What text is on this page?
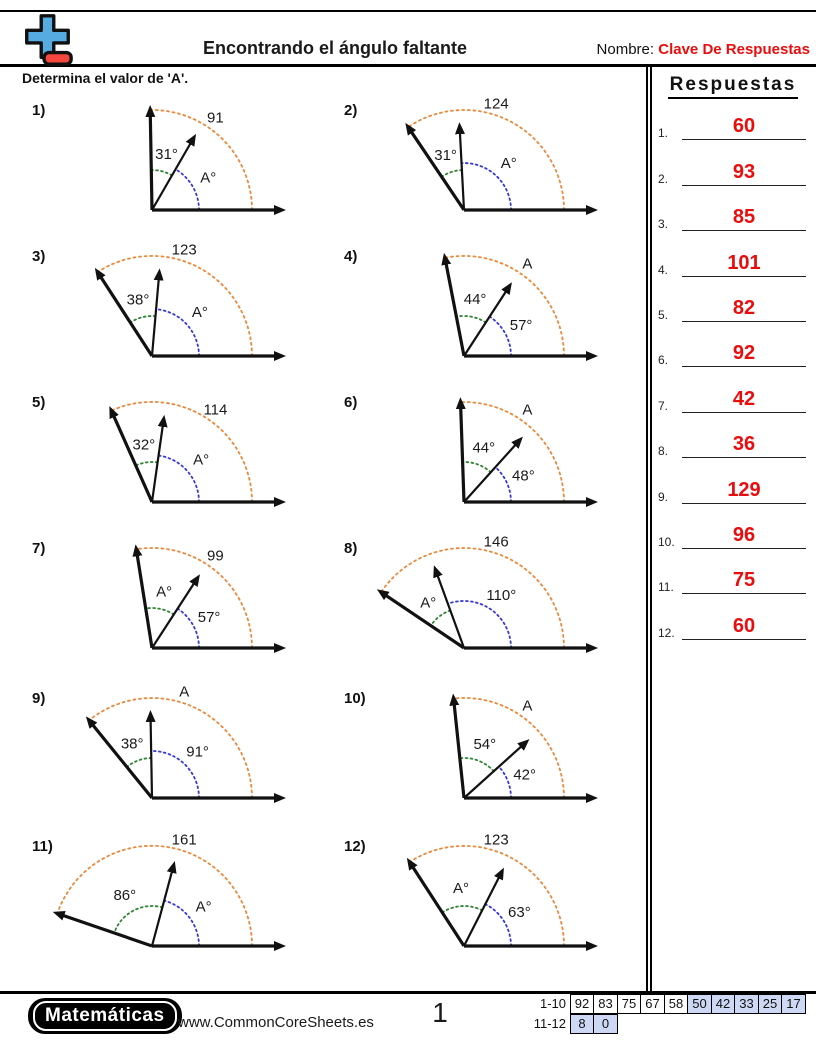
Encontrando el ángulo faltante	Nombre: Clave De Respuestas
Determina el valor de 'A'.	Respuestas
1.	60
2.	93
3.	85
4.	101
5.	82
6.	92
7.	42
8.	36
9.	129
10.	96
11.	75
12.	60
1)
31°
A°
91	2)
31°	A°
124
3)
38°
A°
123	4)
44°
57°
A
5)
32°
A°
114	6)
44°
48°
A
7)
A°
57°
99	8)
A°	110°
146
9)
38°	91°
A	10)
54°
42°
A
11)
86°
A°
161	12)
A°
63°
123
Matemáticas www.CommonCoreSheets.es	1	1-10 92 83 75 67 58 50 42 33 25 17
11-12 8	0
